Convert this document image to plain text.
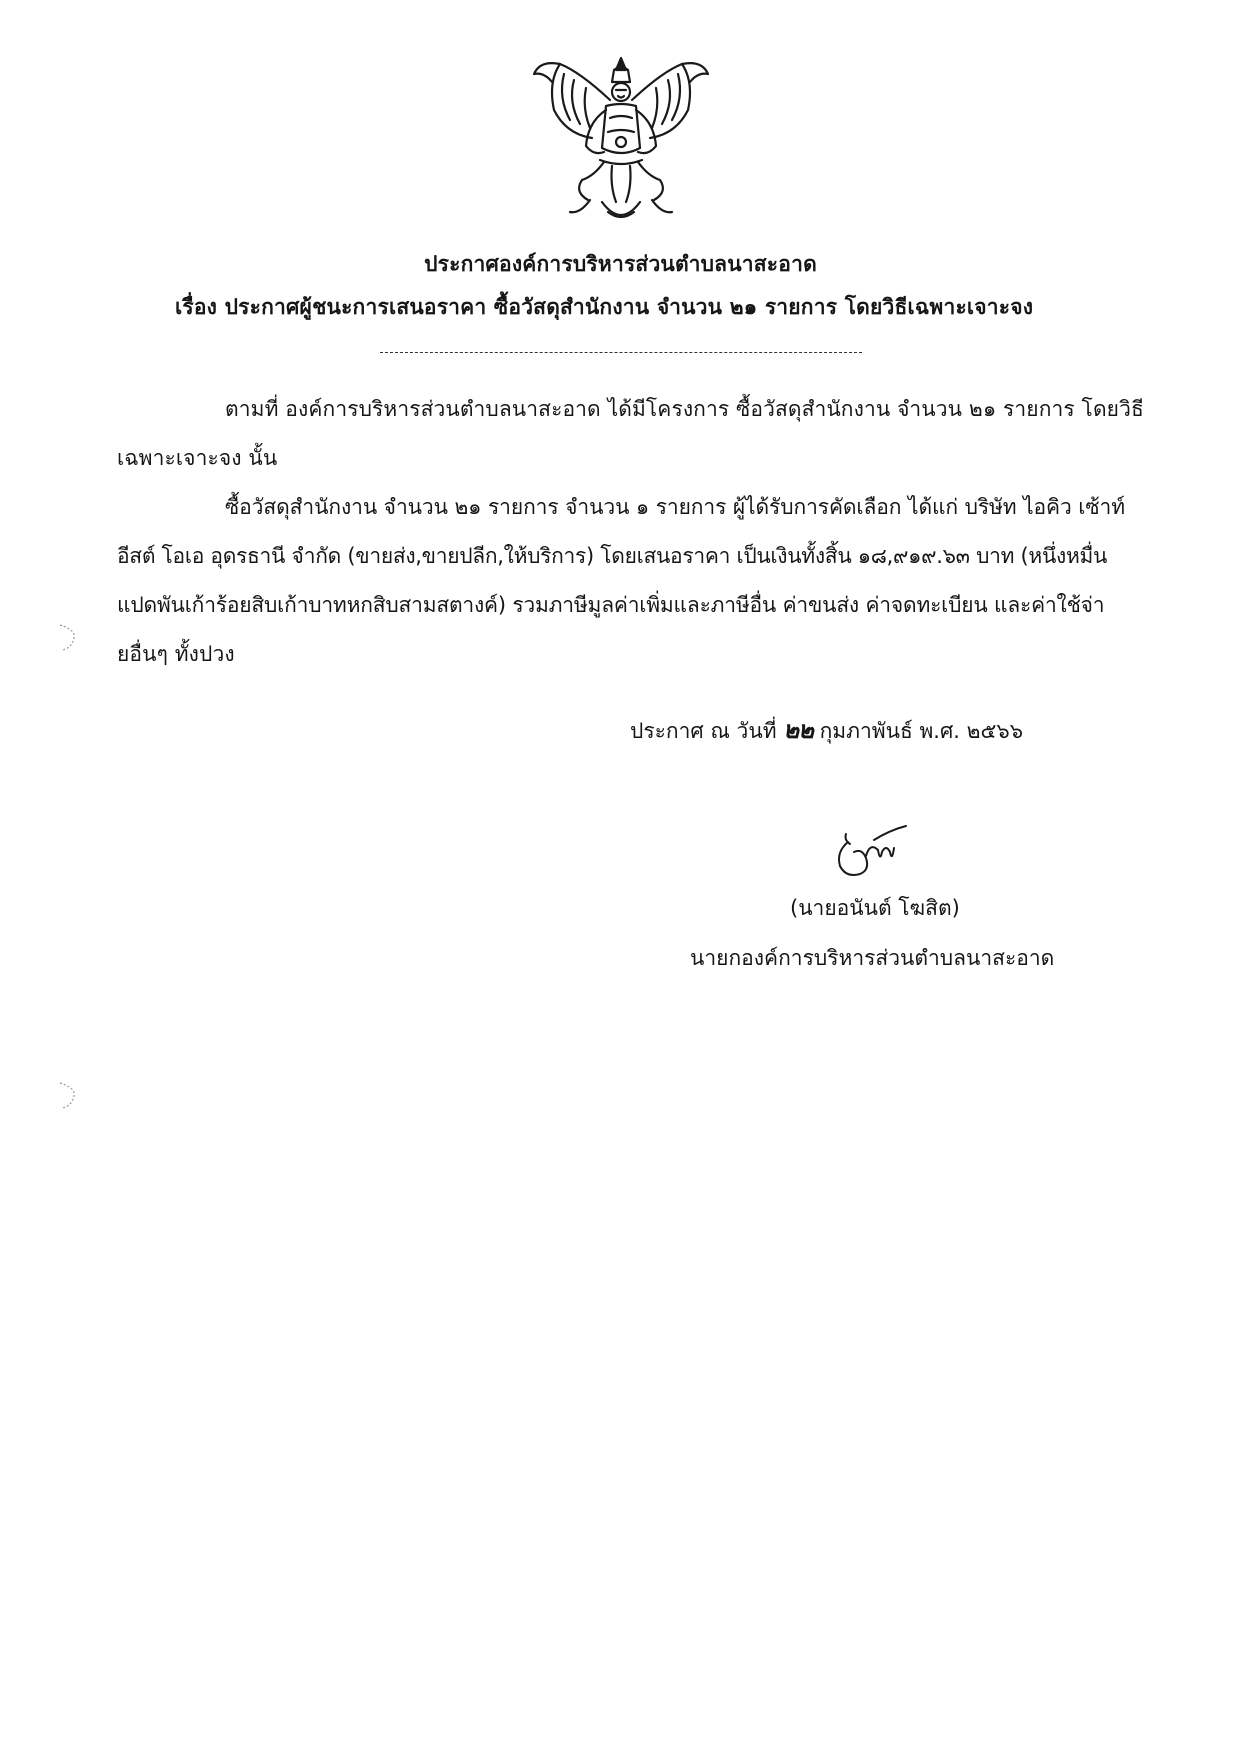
ประกาศองค์การบริหารส่วนตำบลนาสะอาด
เรื่อง ประกาศผู้ชนะการเสนอราคา ซื้อวัสดุสำนักงาน จำนวน ๒๑ รายการ โดยวิธีเฉพาะเจาะจง
ตามที่ องค์การบริหารส่วนตำบลนาสะอาด ได้มีโครงการ ซื้อวัสดุสำนักงาน จำนวน ๒๑ รายการ โดยวิธี
เฉพาะเจาะจง นั้น
ซื้อวัสดุสำนักงาน จำนวน ๒๑ รายการ จำนวน ๑ รายการ ผู้ได้รับการคัดเลือก ได้แก่ บริษัท ไอคิว เซ้าท์
อีสต์ โอเอ อุดรธานี จำกัด (ขายส่ง,ขายปลีก,ให้บริการ) โดยเสนอราคา เป็นเงินทั้งสิ้น ๑๘,๙๑๙.๖๓ บาท (หนึ่งหมื่น
แปดพันเก้าร้อยสิบเก้าบาทหกสิบสามสตางค์) รวมภาษีมูลค่าเพิ่มและภาษีอื่น ค่าขนส่ง ค่าจดทะเบียน และค่าใช้จ่า
ยอื่นๆ ทั้งปวง
ประกาศ ณ วันที่ ๒๒ กุมภาพันธ์ พ.ศ. ๒๕๖๖
(นายอนันต์ โฆสิต)
นายกองค์การบริหารส่วนตำบลนาสะอาด
